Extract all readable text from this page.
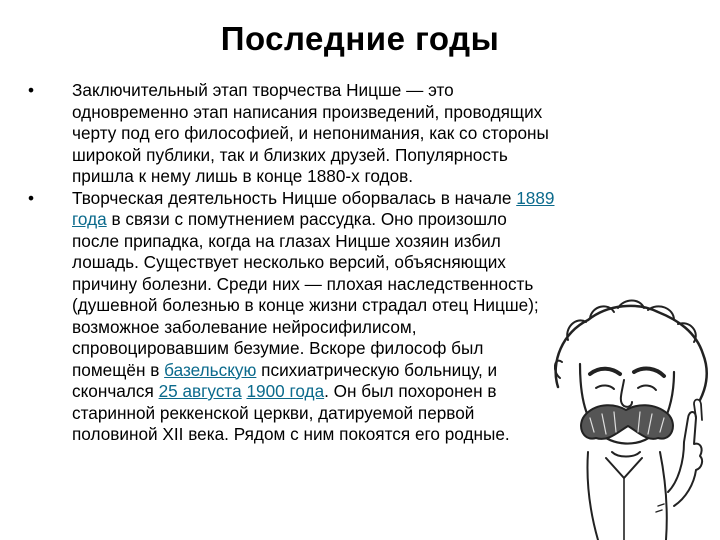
Последние годы
• Заключительный этап творчества Ницше — это одновременно этап написания произведений, проводящих черту под его философией, и непонимания, как со стороны широкой публики, так и близких друзей. Популярность пришла к нему лишь в конце 1880-х годов.
• Творческая деятельность Ницше оборвалась в начале 1889 года в связи с помутнением рассудка. Оно произошло после припадка, когда на глазах Ницше хозяин избил лошадь. Существует несколько версий, объясняющих причину болезни. Среди них — плохая наследственность (душевной болезнью в конце жизни страдал отец Ницше); возможное заболевание нейросифилисом, спровоцировавшим безумие. Вскоре философ был помещён в базельскую психиатрическую больницу, и скончался 25 августа 1900 года. Он был похоронен в старинной реккенской церкви, датируемой первой половиной XII века. Рядом с ним покоятся его родные.
